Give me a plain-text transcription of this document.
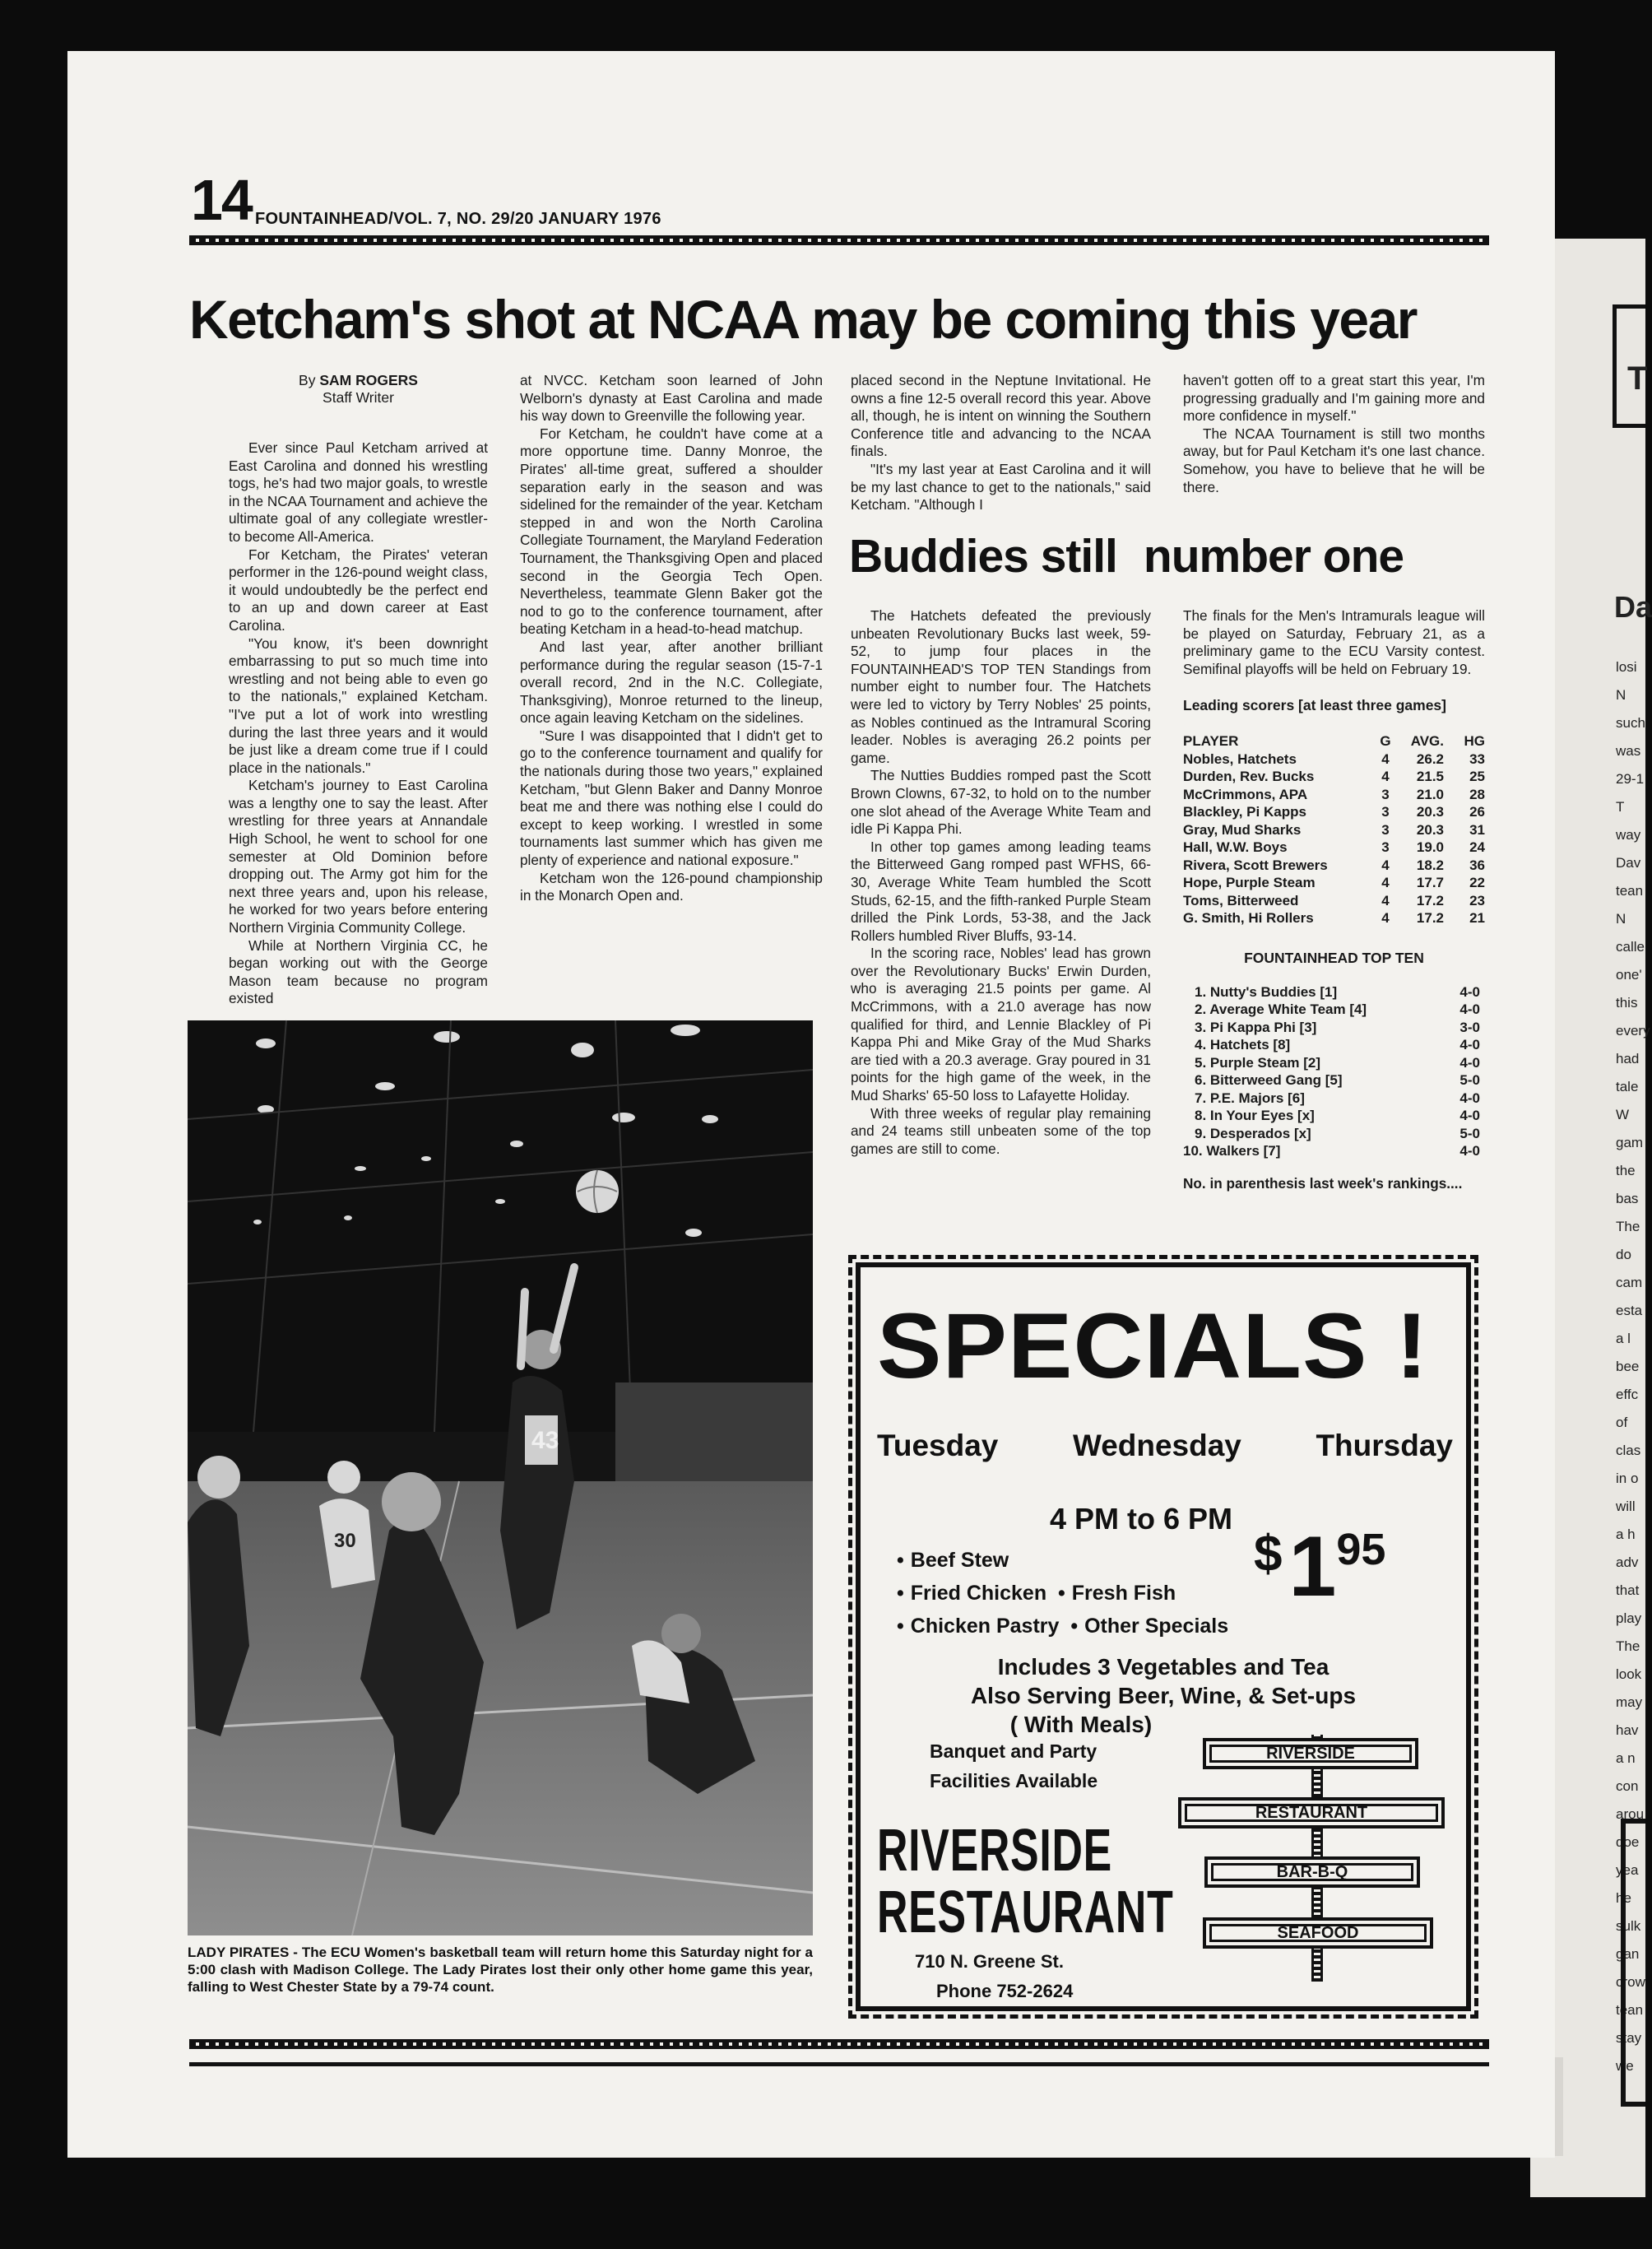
14 FOUNTAINHEAD/VOL. 7, NO. 29/20 JANUARY 1976
Ketcham's shot at NCAA may be coming this year
By SAM ROGERS
Staff Writer

Ever since Paul Ketcham arrived at East Carolina and donned his wrestling togs, he's had two major goals, to wrestle in the NCAA Tournament and achieve the ultimate goal of any collegiate wrestler- to become All-America.

For Ketcham, the Pirates' veteran performer in the 126-pound weight class, it would undoubtedly be the perfect end to an up and down career at East Carolina.

"You know, it's been downright embarrassing to put so much time into wrestling and not being able to even go to the nationals," explained Ketcham. "I've put a lot of work into wrestling during the last three years and it would be just like a dream come true if I could place in the nationals."

Ketcham's journey to East Carolina was a lengthy one to say the least. After wrestling for three years at Annandale High School, he went to school for one semester at Old Dominion before dropping out. The Army got him for the next three years and, upon his release, he worked for two years before entering Northern Virginia Community College.

While at Northern Virginia CC, he began working out with the George Mason team because no program existed

at NVCC. Ketcham soon learned of John Welborn's dynasty at East Carolina and made his way down to Greenville the following year.

For Ketcham, he couldn't have come at a more opportune time. Danny Monroe, the Pirates' all-time great, suffered a shoulder separation early in the season and was sidelined for the remainder of the year. Ketcham stepped in and won the North Carolina Collegiate Tournament, the Maryland Federation Tournament, the Thanksgiving Open and placed second in the Georgia Tech Open. Nevertheless, teammate Glenn Baker got the nod to go to the conference tournament, after beating Ketcham in a head-to-head matchup.

And last year, after another brilliant performance during the regular season (15-7-1 overall record, 2nd in the N.C. Collegiate, Thanksgiving), Monroe returned to the lineup, once again leaving Ketcham on the sidelines.

"Sure I was disappointed that I didn't get to go to the conference tournament and qualify for the nationals during those two years," explained Ketcham, "but Glenn Baker and Danny Monroe beat me and there was nothing else I could do except to keep working. I wrestled in some tournaments last summer which has given me plenty of experience and national exposure."

Ketcham won the 126-pound championship in the Monarch Open and.

placed second in the Neptune Invitational. He owns a fine 12-5 overall record this year. Above all, though, he is intent on winning the Southern Conference title and advancing to the NCAA finals.

"It's my last year at East Carolina and it will be my last chance to get to the nationals," said Ketcham. "Although I

haven't gotten off to a great start this year, I'm progressing gradually and I'm gaining more and more confidence in myself."

The NCAA Tournament is still two months away, but for Paul Ketcham it's one last chance. Somehow, you have to believe that he will be there.

43
30
LADY PIRATES - The ECU Women's basketball team will return home this Saturday night for a 5:00 clash with Madison College. The Lady Pirates lost their only other home game this year, falling to West Chester State by a 79-74 count.
Buddies still number one

The Hatchets defeated the previously unbeaten Revolutionary Bucks last week, 59-52, to jump four places in the FOUNTAINHEAD'S TOP TEN Standings from number eight to number four. The Hatchets were led to victory by Terry Nobles' 25 points, as Nobles continued as the Intramural Scoring leader. Nobles is averaging 26.2 points per game.

The Nutties Buddies romped past the Scott Brown Clowns, 67-32, to hold on to the number one slot ahead of the Average White Team and idle Pi Kappa Phi.

In other top games among leading teams the Bitterweed Gang romped past WFHS, 66-30, Average White Team humbled the Scott Studs, 62-15, and the fifth-ranked Purple Steam drilled the Pink Lords, 53-38, and the Jack Rollers humbled River Bluffs, 93-14.

In the scoring race, Nobles' lead has grown over the Revolutionary Bucks' Erwin Durden, who is averaging 21.5 points per game. Al McCrimmons, with a 21.0 average has now qualified for third, and Lennie Blackley of Pi Kappa Phi and Mike Gray of the Mud Sharks are tied with a 20.3 average. Gray poured in 31 points for the high game of the week, in the Mud Sharks' 65-50 loss to Lafayette Holiday.

With three weeks of regular play remaining and 24 teams still unbeaten some of the top games are still to come.

The finals for the Men's Intramurals league will be played on Saturday, February 21, as a preliminary game to the ECU Varsity contest. Semifinal playoffs will be held on February 19.

Leading scorers [at least three games]
PLAYER	G	AVG.	HG
Nobles, Hatchets	4	26.2	33
Durden, Rev. Bucks	4	21.5	25
McCrimmons, APA	3	21.0	28
Blackley, Pi Kapps	3	20.3	26
Gray, Mud Sharks	3	20.3	31
Hall, W.W. Boys	3	19.0	24
Rivera, Scott Brewers	4	18.2	36
Hope, Purple Steam	4	17.7	22
Toms, Bitterweed	4	17.2	23
G. Smith, Hi Rollers	4	17.2	21
FOUNTAINHEAD TOP TEN
1. Nutty's Buddies [1]	4-0
2. Average White Team [4]	4-0
3. Pi Kappa Phi [3]	3-0
4. Hatchets [8]	4-0
5. Purple Steam [2]	4-0
6. Bitterweed Gang [5]	5-0
7. P.E. Majors [6]	4-0
8. In Your Eyes [x]	4-0
9. Desperados [x]	5-0
10. Walkers [7]	4-0

No. in parenthesis last week's rankings....

SPECIALS !
Tuesday Wednesday Thursday
4 PM to 6 PM
• Beef Stew
• Fried Chicken • Fresh Fish
• Chicken Pastry • Other Specials
$^{\$}1^{95}$
Includes 3 Vegetables and Tea
Also Serving Beer, Wine, & Set-ups
( With Meals)
Banquet and Party
Facilities Available
RIVERSIDE
RESTAURANT
710 N. Greene St.
Phone 752-2624
RIVERSIDE
RESTAURANT
BAR-B-Q
SEAFOOD
T
Da
losi
N
such
was
29-1
T
way
Dav
tean
N
calle
one'
this
every
had
tale
W
gam
the
bas
The
do
cam
esta
a l
bee
effc
of
clas
in o
will
a h
adv
that
play
The
look
may
hav
a n
con
arou
doe
yea
he
sulk
gan
crow
tean
stay
we
